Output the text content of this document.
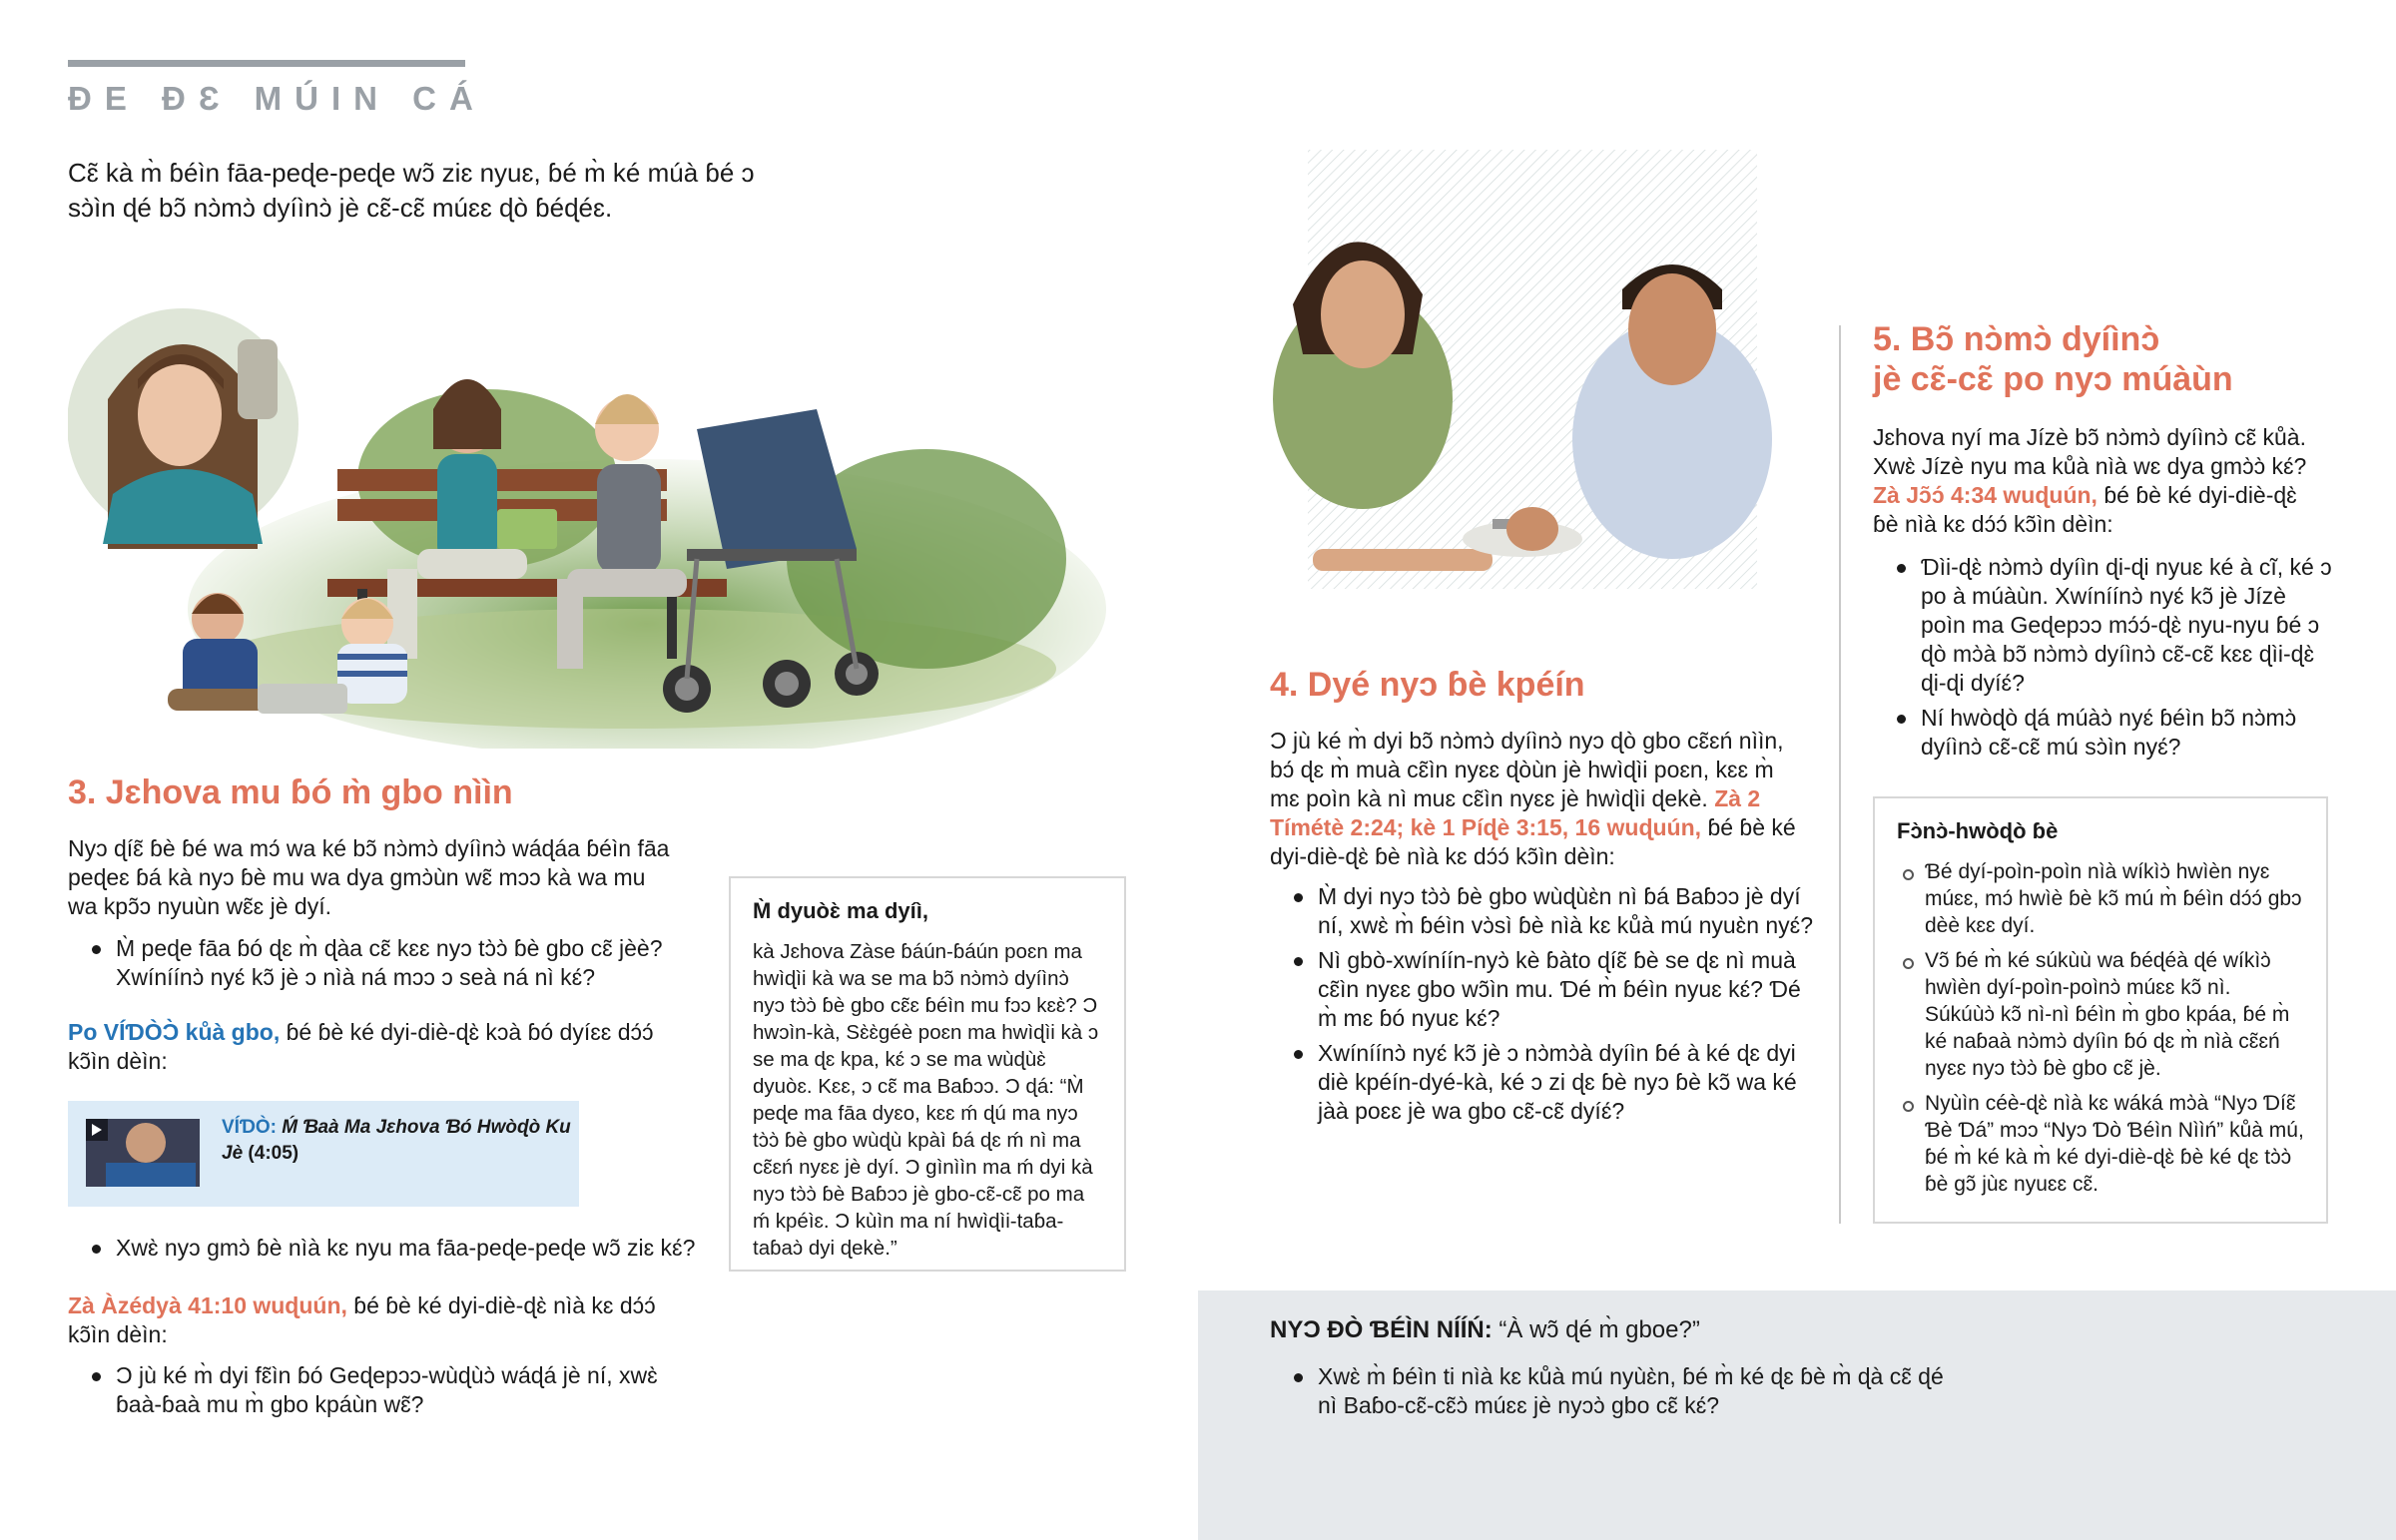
ƉE ƉƐ MÚIN CÁ

Cɛ̃ kà m̀ ɓéìn fāa-peɖe-peɖe wɔ̃ ziɛ nyuɛ, ɓé m̀ ké múà ɓé ɔ sɔ̀ìn ɖé bɔ̃ nɔ̀mɔ̀ dyíìnɔ̀ jè cɛ̃-cɛ̃ múɛɛ ɖò ɓéɖéɛ.

3. Jɛhova mu ɓó m̀ gbo nììn

Nyɔ ɖíɛ̃ ɓè ɓé wa mɔ́ wa ké bɔ̃ nɔ̀mɔ̀ dyíìnɔ̀ wáɖáa ɓéìn fāa peɖeɛ ɓá kà nyɔ ɓè mu wa dya gmɔ̀ùn wɛ̃ mɔɔ kà wa mu wa kpɔ̃ɔ nyuùn wɛ̃ɛ jè dyí.

M̀ peɖe fāa ɓó ɖɛ m̀ ɖàa cɛ̃ kɛɛ nyɔ tɔ̀ɔ̀ ɓè gbo cɛ̃ jèè? Xwíníínɔ̀ nyɛ́ kɔ̃ jè ɔ nìà ná mɔɔ ɔ seà ná nì kɛ́?

Po VÍƊÒƆ̀ kůà gbo, ɓé ɓè ké dyi-diè-ɖɛ̀ kɔà ɓó dyíɛɛ dɔ́ɔ́ kɔ̃ìn dèìn:

VÍƊÒ: Ḿ Ɓaà Ma Jɛhova Ɓó Hwòɖò Ku Jè (4:05)
Xwɛ̀ nyɔ gmɔ̀ ɓè nìà kɛ nyu ma fāa-peɖe-peɖe wɔ̃ ziɛ kɛ́?

Zà Àzédyà 41:10 wuɖuún, ɓé ɓè ké dyi-diè-ɖɛ̀ nìà kɛ dɔ́ɔ́ kɔ̃ìn dèìn:

Ɔ jù ké m̀ dyi fɛ̃ìn ɓó Geɖepɔɔ-wùɖùɔ̀ wáɖá jè ní, xwɛ̀ ɓaà-ɓaà mu m̀ gbo kpáùn wɛ̃?

M̀ dyuòɛ̀ ma dyíì,

kà Jɛhova Zàse ɓáún-ɓáún poɛn ma hwìɖìi kà wa se ma bɔ̃ nɔ̀mɔ̀ dyíìnɔ̀ nyɔ tɔ̀ɔ̀ ɓè gbo cɛ̃ɛ ɓéìn mu fɔɔ kɛɛ̀? Ɔ hwɔìn-kà, Sɛ̀ɛ̀géè poɛn ma hwìɖìi kà ɔ se ma ɖɛ kpa, kɛ́ ɔ se ma wùɖùɛ̀ dyuòɛ. Kɛɛ, ɔ cɛ̃ ma Baɓɔɔ. Ɔ ɖá: “M̀ peɖe ma fāa dyɛo, kɛɛ ḿ ɖú ma nyɔ tɔ̀ɔ̀ ɓè gbo wùɖù kpàì ɓá ɖɛ ḿ nì ma cɛ̃ɛń nyɛɛ jè dyí. Ɔ gìnììn ma ḿ dyi kà nyɔ tɔ̀ɔ̀ ɓè Baɓɔɔ jè gbo-cɛ̃-cɛ̃ po ma ḿ kpéìɛ. Ɔ kùìn ma ní hwìɖìi-taɓa-taɓaɔ̀ dyi ɖekè.”

4. Dyé nyɔ ɓè kpéín

Ɔ jù ké m̀ dyi bɔ̃ nɔ̀mɔ̀ dyíìnɔ̀ nyɔ ɖò gbo cɛ̃ɛń nììn, bɔ́ ɖɛ m̀ muà cɛ̃ìn nyɛɛ ɖòùn jè hwìɖìi poɛn, kɛɛ m̀ mɛ poìn kà nì muɛ cɛ̃ìn nyɛɛ jè hwìɖìi ɖekè. Zà 2 Tímétè 2:24; kè 1 Píɖè 3:15, 16 wuɖuún, ɓé ɓè ké dyi-diè-ɖɛ̀ ɓè nìà kɛ dɔ́ɔ́ kɔ̃ìn dèìn:

M̀ dyi nyɔ tɔ̀ɔ̀ ɓè gbo wùɖùɛ̀n nì ɓá Baɓɔɔ jè dyí ní, xwɛ̀ m̀ ɓéìn vɔ̀sì ɓè nìà kɛ kůà mú nyuɛ̀n nyɛ́?
Nì gbò-xwíníín-nyɔ̀ kè ɓàto ɖíɛ̃ ɓè se ɖɛ nì muà cɛ̃ìn nyɛɛ gbo wɔ̃ìn mu. Ɗé m̀ ɓéìn nyuɛ kɛ́? Ɗé m̀ mɛ ɓó nyuɛ kɛ́?
Xwíníínɔ̀ nyɛ́ kɔ̃ jè ɔ nɔ̀mɔ̀à dyíìn ɓé à ké ɖɛ dyi diè kpéín-dyé-kà, ké ɔ zi ɖɛ ɓè nyɔ ɓè kɔ̃ wa ké jàà poɛɛ jè wa gbo cɛ̃-cɛ̃ dyíɛ́?
5. Bɔ̃ nɔ̀mɔ̀ dyíìnɔ̀
jè cɛ̃-cɛ̃ po nyɔ múàùn

Jɛhova nyí ma Jízè bɔ̃ nɔ̀mɔ̀ dyíìnɔ̀ cɛ̃ kůà. Xwɛ̀ Jízè nyu ma kůà nìà wɛ dya gmɔ̀ɔ̀ kɛ́? Zà Jɔ̃ɔ́ 4:34 wuɖuún, ɓé ɓè ké dyi-diè-ɖɛ̀ ɓè nìà kɛ dɔ́ɔ́ kɔ̃ìn dèìn:

Ɗìi-ɖɛ̀ nɔ̀mɔ̀ dyíìn ɖi-ɖi nyuɛ ké à cĩ, ké ɔ po à múàùn. Xwíníínɔ̀ nyɛ́ kɔ̃ jè Jízè poìn ma Geɖepɔɔ mɔ́ɔ́-ɖɛ̀ nyu-nyu ɓé ɔ ɖò mɔ̀à bɔ̃ nɔ̀mɔ̀ dyíìnɔ̀ cɛ̃-cɛ̃ kɛɛ ɖìi-ɖɛ̀ ɖi-ɖi dyíɛ́?
Ní hwòɖò ɖá múàɔ̀ nyɛ́ ɓéìn bɔ̃ nɔ̀mɔ̀ dyíìnɔ̀ cɛ̃-cɛ̃ mú sɔ̀ìn nyɛ́?

Fɔ̀nɔ̀-hwòɖò ɓè

Ɓé dyí-poìn-poìn nìà wíkìɔ̀ hwìèn nyɛ múɛɛ, mɔ́ hwìè ɓè kɔ̃ mú m̀ ɓéìn dɔ́ɔ́ gbɔ dèè kɛɛ dyí.
Vɔ̃ ɓé m̀ ké súkùù wa ɓéɖéà ɖé wíkìɔ̀ hwìèn dyí-poìn-poìnɔ̀ múɛɛ kɔ̃ nì. Súkúùɔ̀ kɔ̃ nì-nì ɓéìn m̀ gbo kpáa, ɓé m̀ ké naɓaà nɔ̀mɔ̀ dyíìn ɓó ɖɛ m̀ nìà cɛ̃ɛń nyɛɛ nyɔ tɔ̀ɔ̀ ɓè gbo cɛ̃ jè.
Nyùìn céè-ɖɛ̀ nìà kɛ wáká mɔ̀à “Nyɔ Ɗíɛ̃ Ɓè Ɗá” mɔɔ “Nyɔ Ɗò Ɓéìn Nììń” kůà mú, ɓé m̀ ké kà m̀ ké dyi-diè-ɖɛ̀ ɓè ké ɖɛ tɔ̀ɔ̀ ɓè gɔ̃ jùɛ nyuɛɛ cɛ̃.

NYƆ ƉÒ ƁÉÌN NÍÍŃ: “À wɔ̃ ɖé m̀ gboe?”

Xwɛ̀ m̀ ɓéìn ti nìà kɛ kůà mú nyùɛ̀n, ɓé m̀ ké ɖɛ ɓè m̀ ɖà cɛ̃ ɖé nì Baɓo-cɛ̃-cɛ̃ɔ̀ múɛɛ jè nyɔɔ̀ gbo cɛ̃ kɛ́?
